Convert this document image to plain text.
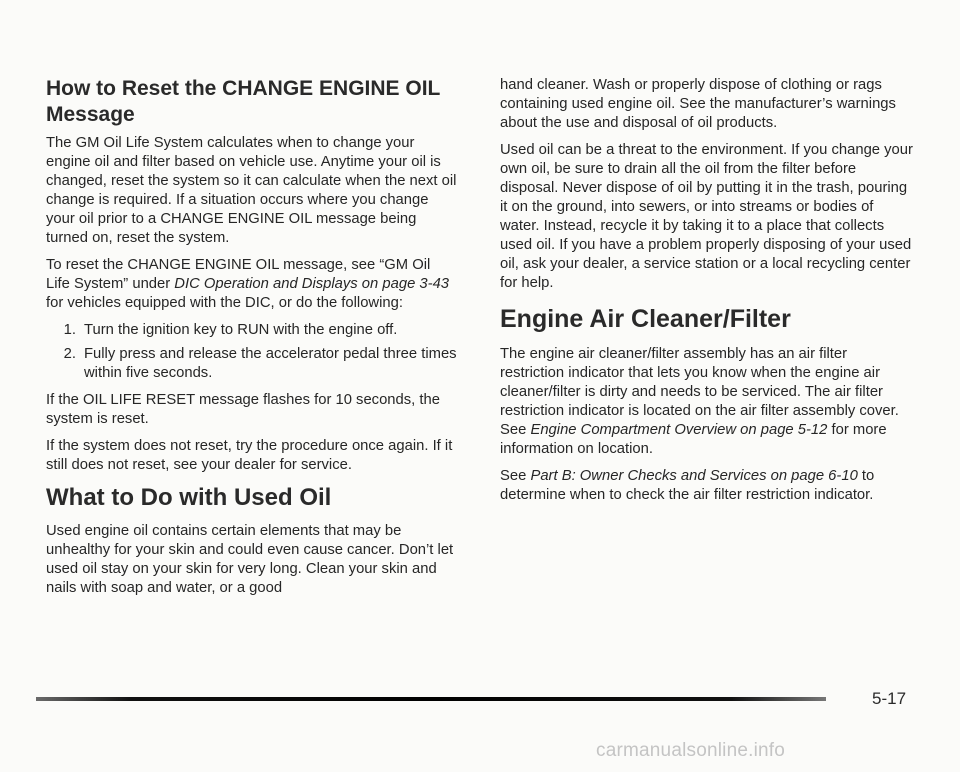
How to Reset the CHANGE ENGINE OIL Message

The GM Oil Life System calculates when to change your engine oil and filter based on vehicle use. Anytime your oil is changed, reset the system so it can calculate when the next oil change is required. If a situation occurs where you change your oil prior to a CHANGE ENGINE OIL message being turned on, reset the system.

To reset the CHANGE ENGINE OIL message, see “GM Oil Life System” under DIC Operation and Displays on page 3-43 for vehicles equipped with the DIC, or do the following:

1. Turn the ignition key to RUN with the engine off.
2. Fully press and release the accelerator pedal three times within five seconds.

If the OIL LIFE RESET message flashes for 10 seconds, the system is reset.

If the system does not reset, try the procedure once again. If it still does not reset, see your dealer for service.

What to Do with Used Oil

Used engine oil contains certain elements that may be unhealthy for your skin and could even cause cancer. Don’t let used oil stay on your skin for very long. Clean your skin and nails with soap and water, or a good

hand cleaner. Wash or properly dispose of clothing or rags containing used engine oil. See the manufacturer’s warnings about the use and disposal of oil products.

Used oil can be a threat to the environment. If you change your own oil, be sure to drain all the oil from the filter before disposal. Never dispose of oil by putting it in the trash, pouring it on the ground, into sewers, or into streams or bodies of water. Instead, recycle it by taking it to a place that collects used oil. If you have a problem properly disposing of your used oil, ask your dealer, a service station or a local recycling center for help.

Engine Air Cleaner/Filter

The engine air cleaner/filter assembly has an air filter restriction indicator that lets you know when the engine air cleaner/filter is dirty and needs to be serviced. The air filter restriction indicator is located on the air filter assembly cover. See Engine Compartment Overview on page 5-12 for more information on location.

See Part B: Owner Checks and Services on page 6-10 to determine when to check the air filter restriction indicator.

5-17
carmanualsonline.info
